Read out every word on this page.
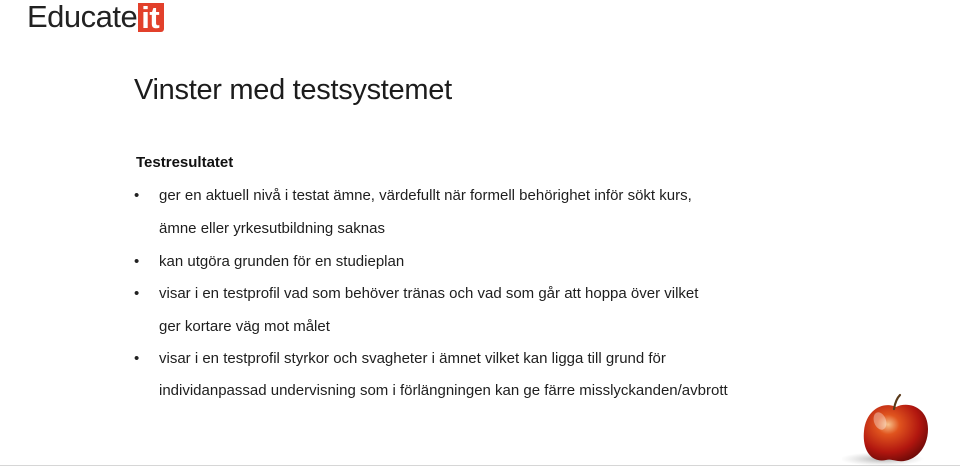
Educate it
Vinster med testsystemet

Testresultatet

• ger en aktuell nivå i testat ämne, värdefullt när formell behörighet inför sökt kurs,

ämne eller yrkesutbildning saknas

• kan utgöra grunden för en studieplan

• visar i en testprofil vad som behöver tränas och vad som går att hoppa över vilket

ger kortare väg mot målet

• visar i en testprofil styrkor och svagheter i ämnet vilket kan ligga till grund för

individanpassad undervisning som i förlängningen kan ge färre misslyckanden/avbrott
